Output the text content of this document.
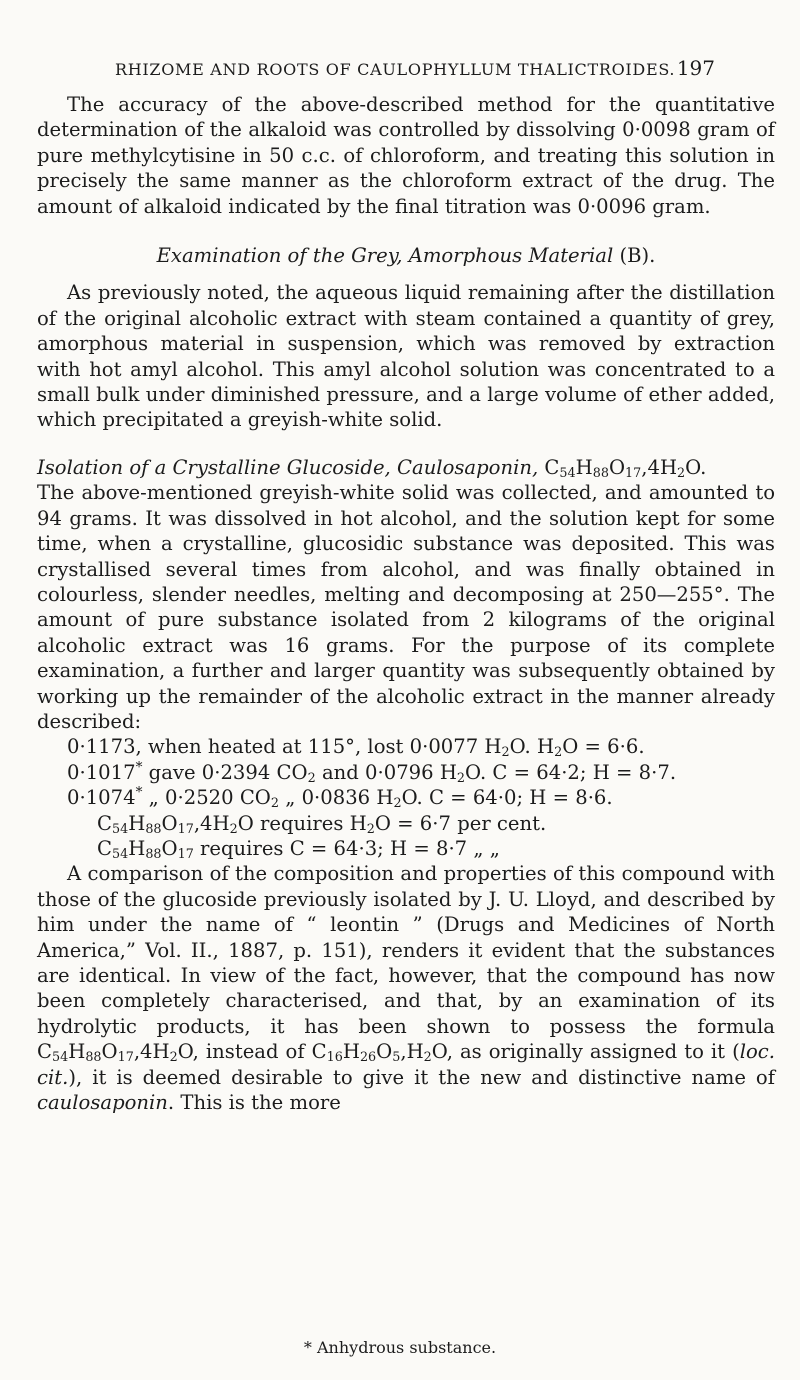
RHIZOME AND ROOTS OF CAULOPHYLLUM THALICTROIDES. 197

The accuracy of the above-described method for the quantitative determination of the alkaloid was controlled by dissolving 0·0098 gram of pure methylcytisine in 50 c.c. of chloroform, and treating this solution in precisely the same manner as the chloroform extract of the drug. The amount of alkaloid indicated by the final titration was 0·0096 gram.

Examination of the Grey, Amorphous Material (B).

As previously noted, the aqueous liquid remaining after the distillation of the original alcoholic extract with steam contained a quantity of grey, amorphous material in suspension, which was removed by extraction with hot amyl alcohol. This amyl alcohol solution was concentrated to a small bulk under diminished pressure, and a large volume of ether added, which precipitated a greyish-white solid.

Isolation of a Crystalline Glucoside, Caulosaponin, $C_{54}H_{88}O_{17},4H_2O$.

The above-mentioned greyish-white solid was collected, and amounted to 94 grams. It was dissolved in hot alcohol, and the solution kept for some time, when a crystalline, glucosidic substance was deposited. This was crystallised several times from alcohol, and was finally obtained in colourless, slender needles, melting and decomposing at 250—255°. The amount of pure substance isolated from 2 kilograms of the original alcoholic extract was 16 grams. For the purpose of its complete examination, a further and larger quantity was subsequently obtained by working up the remainder of the alcoholic extract in the manner already described:

0·1173, when heated at 115°, lost 0·0077 $H_2O$. $H_2O = 6\cdot 6$.
0·1017* gave 0·2394 $CO_2$ and 0·0796 $H_2O$. C = 64·2; H = 8·7.
0·1074* „ 0·2520 $CO_2$ „ 0·0836 $H_2O$. C = 64·0; H = 8·6.
$C_{54}H_{88}O_{17},4H_2O$ requires $H_2O = 6\cdot 7$ per cent.
$C_{54}H_{88}O_{17}$ requires C = 64·3; H = 8·7 „ „

A comparison of the composition and properties of this compound with those of the glucoside previously isolated by J. U. Lloyd, and described by him under the name of “ leontin ” (Drugs and Medicines of North America,” Vol. II., 1887, p. 151), renders it evident that the substances are identical. In view of the fact, however, that the compound has now been completely characterised, and that, by an examination of its hydrolytic products, it has been shown to possess the formula $C_{54}H_{88}O_{17},4H_2O$, instead of $C_{16}H_{26}O_5,H_2O$, as originally assigned to it (loc. cit.), it is deemed desirable to give it the new and distinctive name of caulosaponin. This is the more

* Anhydrous substance.
